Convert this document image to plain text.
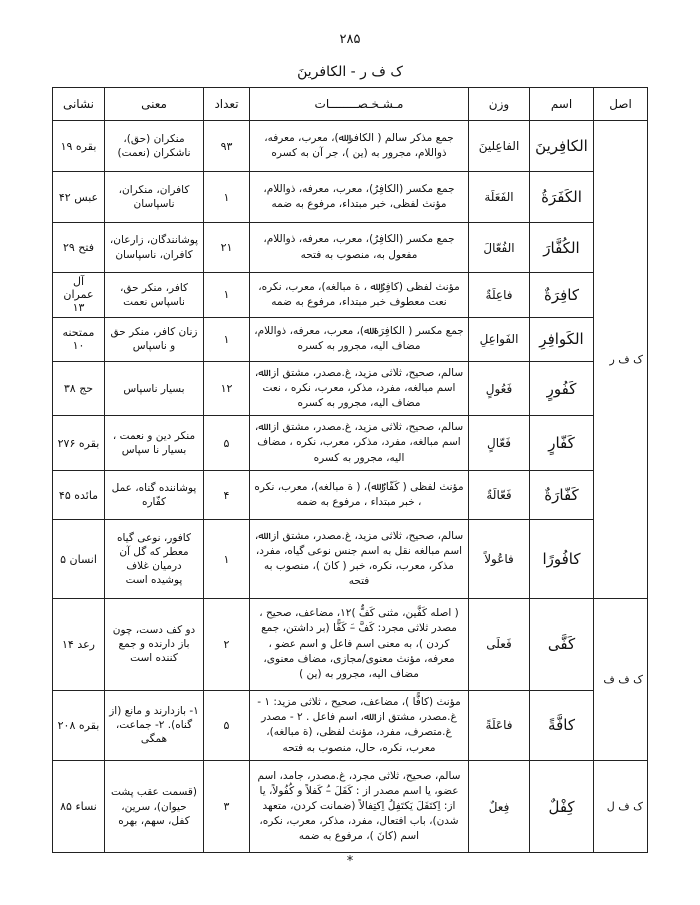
۲۸۵
ک ف ر - الکافرینَ
اصل	اسم	وزن	مـشـخـصــــــــات	تعداد	معنی	نشانی
ک ف ر	الکافِرینَ	الفاعِلینَ	جمع مذکر سالم ( الکافر ﷲ)، معرب، معرفه، ذواللام، مجرور به (ين )، جر آن به کسره	۹۳	منکران (حق)، ناشکران (نعمت)	بقره ۱۹
	الکَفَرَةُ	الفَعَلَة	جمع مکسر (الکافِرُ)، معرب، معرفه، ذواللام، مؤنث لفظی، خبر مبتداء، مرفوع به ضمه	۱	کافران، منکران، ناسپاسان	عبس ۴۲
	الکُفَّارَ	الفُعّالَ	جمع مکسر (الکافِرُ)، معرب، معرفه، ذواللام، مفعول به، منصوب به فتحه	۲۱	پوشانندگان، زارعان، کافران، ناسپاسان	فتح ۲۹
	کافِرَةٌ	فاعِلَةٌ	مؤنث لفظی (کافِرٌ ﷲ ، ة مبالغه)، معرب، نکره، نعت معطوف خبر مبتداء، مرفوع به ضمه	۱	کافر، منکر حق، ناسپاس نعمت	آل عمران ۱۳
	الکَوافِرِ	الفَواعِلِ	جمع مکسر ( الکافِرَة ﷲ)، معرب، معرفه، ذواللام، مضاف الیه، مجرور به کسره	۱	زنان کافر، منکر حق و ناسپاس	ممتحنه ۱۰
	کَفُورٍ	فَعُولٍ	سالم، صحیح، ثلاثی مزید، غ.مصدر، مشتق از: ﷲ، اسم مبالغه، مفرد، مذکر، معرب، نکره ، نعت مضاف الیه، مجرور به کسره	۱۲	بسیار ناسپاس	حج ۳۸
	کَفّارٍ	فَعّالٍ	سالم، صحیح، ثلاثی مزید، غ.مصدر، مشتق از: ﷲ، اسم مبالغه، مفرد، مذکر، معرب، نکره ، مضاف الیه، مجرور به کسره	۵	منکر دین و نعمت ، بسیار نا سپاس	بقره ۲۷۶
	کَفّارَةٌ	فَعّالَةٌ	مؤنث لفظی ( کَفّارٌ ﷲ)، ( ة مبالغه)، معرب، نکره ، خبر مبتداء ، مرفوع به ضمه	۴	پوشاننده گناه، عمل کفّاره	مائده ۴۵
	کافُورًا	فاعُولاً	سالم، صحیح، ثلاثی مزید، غ.مصدر، مشتق از: ﷲ، اسم مبالغه نقل به اسم جنس نوعی گیاه، مفرد، مذکر، معرب، نکره، خبر ( کانَ )، منصوب به فتحه	۱	کافور، نوعی گیاه معطر که گل آن درمیان غلاف پوشیده است	انسان ۵
ک ف ف	کَفَّی	فَعلَی	( اصله کَفَّين، مثنی کَفٌّ )۱۲، مضاعف، صحیح ، مصدر ثلاثی مجرد: کَفَّ –َ کَفًّا (بر داشتن، جمع کردن )، به معنی اسم فاعل و اسم عضو ، معرفه، مؤنث معنوی/مجازی، مضاف معنوی، مضاف الیه، مجرور به (ين )	۲	دو کف دست، چون باز دارنده و جمع کننده است	رعد ۱۴
	کافَّةً	فاعَلَةً	مؤنث (کافًّا )، مضاعف، صحیح ، ثلاثی مزید: ۱ - غ.مصدر، مشتق از: ﷲ، اسم فاعل . ۲ - مصدر غ.متصرف، مفرد، مؤنث لفظی، (ة مبالغه)، معرب، نکره، حال، منصوب به فتحه	۵	۱- بازدارند و مانع (از گناه). ۲- جماعت، همگی	بقره ۲۰۸
ک ف ل	کِفْلٌ	فِعلٌ	سالم، صحیح، ثلاثی مجرد، غ.مصدر، جامد، اسم عضو، یا اسم مصدر از : کَفَلَ –ُ کَفلاً و کُفُولاً، یا از: اِکتَفَلَ یَکتَفِلُ اِکتِفالاً (ضمانت کردن، متعهد شدن)، باب افتعال، مفرد، مذکر، معرب، نکره، اسم (کانَ )، مرفوع به ضمه	۳	(قسمت عقب پشت حیوان)، سرین، کفل، سهم، بهره	نساء ۸۵
*
